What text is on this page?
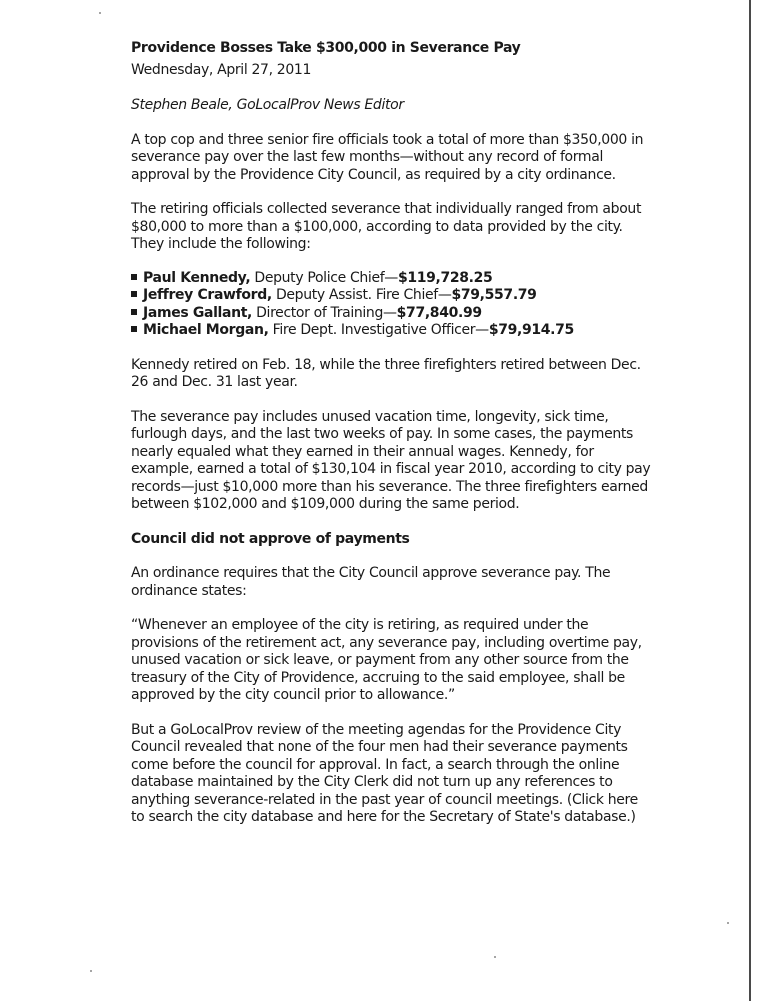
Providence Bosses Take $300,000 in Severance Pay

Wednesday, April 27, 2011

Stephen Beale, GoLocalProv News Editor

A top cop and three senior fire officials took a total of more than $350,000 in severance pay over the last few months—without any record of formal approval by the Providence City Council, as required by a city ordinance.

The retiring officials collected severance that individually ranged from about $80,000 to more than a $100,000, according to data provided by the city. They include the following:

Paul Kennedy, Deputy Police Chief—$119,728.25
Jeffrey Crawford, Deputy Assist. Fire Chief—$79,557.79
James Gallant, Director of Training—$77,840.99
Michael Morgan, Fire Dept. Investigative Officer—$79,914.75

Kennedy retired on Feb. 18, while the three firefighters retired between Dec. 26 and Dec. 31 last year.

The severance pay includes unused vacation time, longevity, sick time, furlough days, and the last two weeks of pay. In some cases, the payments nearly equaled what they earned in their annual wages. Kennedy, for example, earned a total of $130,104 in fiscal year 2010, according to city pay records—just $10,000 more than his severance. The three firefighters earned between $102,000 and $109,000 during the same period.

Council did not approve of payments

An ordinance requires that the City Council approve severance pay. The ordinance states:

“Whenever an employee of the city is retiring, as required under the provisions of the retirement act, any severance pay, including overtime pay, unused vacation or sick leave, or payment from any other source from the treasury of the City of Providence, accruing to the said employee, shall be approved by the city council prior to allowance.”

But a GoLocalProv review of the meeting agendas for the Providence City Council revealed that none of the four men had their severance payments come before the council for approval. In fact, a search through the online database maintained by the City Clerk did not turn up any references to anything severance-related in the past year of council meetings. (Click here to search the city database and here for the Secretary of State's database.)
